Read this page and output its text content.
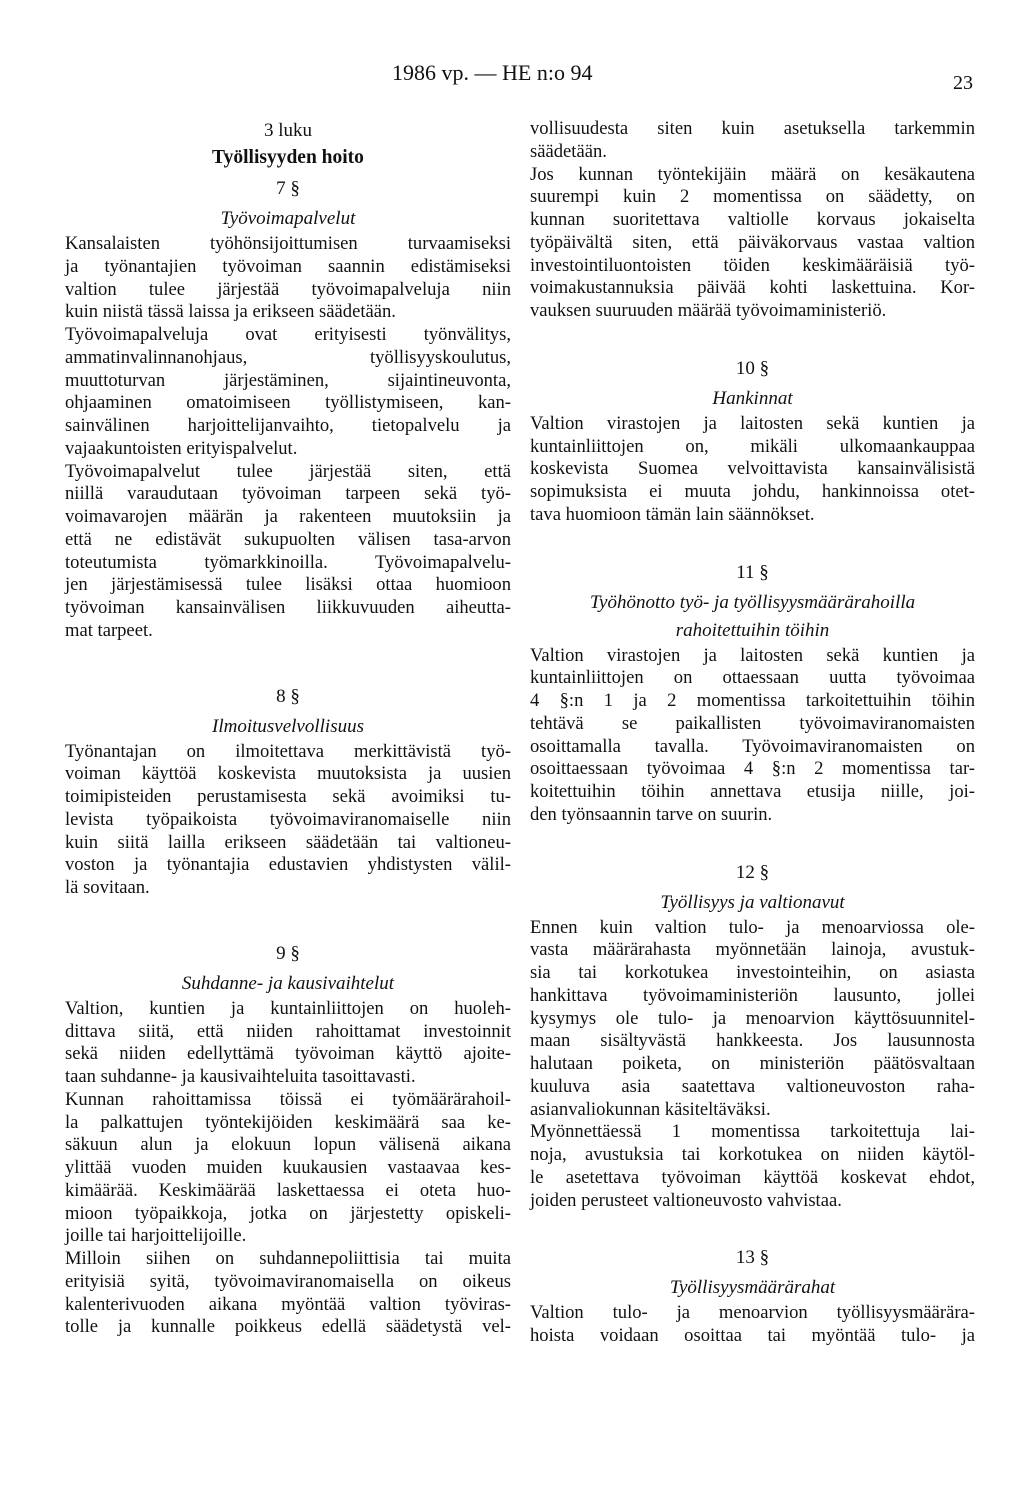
1986 vp. — HE n:o 94	23
3 luku
Työllisyyden hoito
7 §
Työvoimapalvelut
Kansalaisten työhönsijoittumisen turvaamiseksi
ja työnantajien työvoiman saannin edistämiseksi
valtion tulee järjestää työvoimapalveluja niin
kuin niistä tässä laissa ja erikseen säädetään.
Työvoimapalveluja ovat erityisesti työnvälitys,
ammatinvalinnanohjaus, työllisyyskoulutus,
muuttoturvan järjestäminen, sijaintineuvonta,
ohjaaminen omatoimiseen työllistymiseen, kan-
sainvälinen harjoittelijanvaihto, tietopalvelu ja
vajaakuntoisten erityispalvelut.
Työvoimapalvelut tulee järjestää siten, että
niillä varaudutaan työvoiman tarpeen sekä työ-
voimavarojen määrän ja rakenteen muutoksiin ja
että ne edistävät sukupuolten välisen tasa-arvon
toteutumista työmarkkinoilla. Työvoimapalvelu-
jen järjestämisessä tulee lisäksi ottaa huomioon
työvoiman kansainvälisen liikkuvuuden aiheutta-
mat tarpeet.
8 §
Ilmoitusvelvollisuus
Työnantajan on ilmoitettava merkittävistä työ-
voiman käyttöä koskevista muutoksista ja uusien
toimipisteiden perustamisesta sekä avoimiksi tu-
levista työpaikoista työvoimaviranomaiselle niin
kuin siitä lailla erikseen säädetään tai valtioneu-
voston ja työnantajia edustavien yhdistysten välil-
lä sovitaan.
9 §
Suhdanne- ja kausivaihtelut
Valtion, kuntien ja kuntainliittojen on huoleh-
dittava siitä, että niiden rahoittamat investoinnit
sekä niiden edellyttämä työvoiman käyttö ajoite-
taan suhdanne- ja kausivaihteluita tasoittavasti.
Kunnan rahoittamissa töissä ei työmäärärahoil-
la palkattujen työntekijöiden keskimäärä saa ke-
säkuun alun ja elokuun lopun välisenä aikana
ylittää vuoden muiden kuukausien vastaavaa kes-
kimäärää. Keskimäärää laskettaessa ei oteta huo-
mioon työpaikkoja, jotka on järjestetty opiskeli-
joille tai harjoittelijoille.
Milloin siihen on suhdannepoliittisia tai muita
erityisiä syitä, työvoimaviranomaisella on oikeus
kalenterivuoden aikana myöntää valtion työviras-
tolle ja kunnalle poikkeus edellä säädetystä vel-
vollisuudesta siten kuin asetuksella tarkemmin
säädetään.
Jos kunnan työntekijäin määrä on kesäkautena
suurempi kuin 2 momentissa on säädetty, on
kunnan suoritettava valtiolle korvaus jokaiselta
työpäivältä siten, että päiväkorvaus vastaa valtion
investointiluontoisten töiden keskimääräisiä työ-
voimakustannuksia päivää kohti laskettuina. Kor-
vauksen suuruuden määrää työvoimaministeriö.
10 §
Hankinnat
Valtion virastojen ja laitosten sekä kuntien ja
kuntainliittojen on, mikäli ulkomaankauppaa
koskevista Suomea velvoittavista kansainvälisistä
sopimuksista ei muuta johdu, hankinnoissa otet-
tava huomioon tämän lain säännökset.
11 §
Työhönotto työ- ja työllisyysmäärärahoilla
rahoitettuihin töihin
Valtion virastojen ja laitosten sekä kuntien ja
kuntainliittojen on ottaessaan uutta työvoimaa
4 §:n 1 ja 2 momentissa tarkoitettuihin töihin
tehtävä se paikallisten työvoimaviranomaisten
osoittamalla tavalla. Työvoimaviranomaisten on
osoittaessaan työvoimaa 4 §:n 2 momentissa tar-
koitettuihin töihin annettava etusija niille, joi-
den työnsaannin tarve on suurin.
12 §
Työllisyys ja valtionavut
Ennen kuin valtion tulo- ja menoarviossa ole-
vasta määrärahasta myönnetään lainoja, avustuk-
sia tai korkotukea investointeihin, on asiasta
hankittava työvoimaministeriön lausunto, jollei
kysymys ole tulo- ja menoarvion käyttösuunnitel-
maan sisältyvästä hankkeesta. Jos lausunnosta
halutaan poiketa, on ministeriön päätösvaltaan
kuuluva asia saatettava valtioneuvoston raha-
asianvaliokunnan käsiteltäväksi.
Myönnettäessä 1 momentissa tarkoitettuja lai-
noja, avustuksia tai korkotukea on niiden käytöl-
le asetettava työvoiman käyttöä koskevat ehdot,
joiden perusteet valtioneuvosto vahvistaa.
13 §
Työllisyysmäärärahat
Valtion tulo- ja menoarvion työllisyysmäärära-
hoista voidaan osoittaa tai myöntää tulo- ja
